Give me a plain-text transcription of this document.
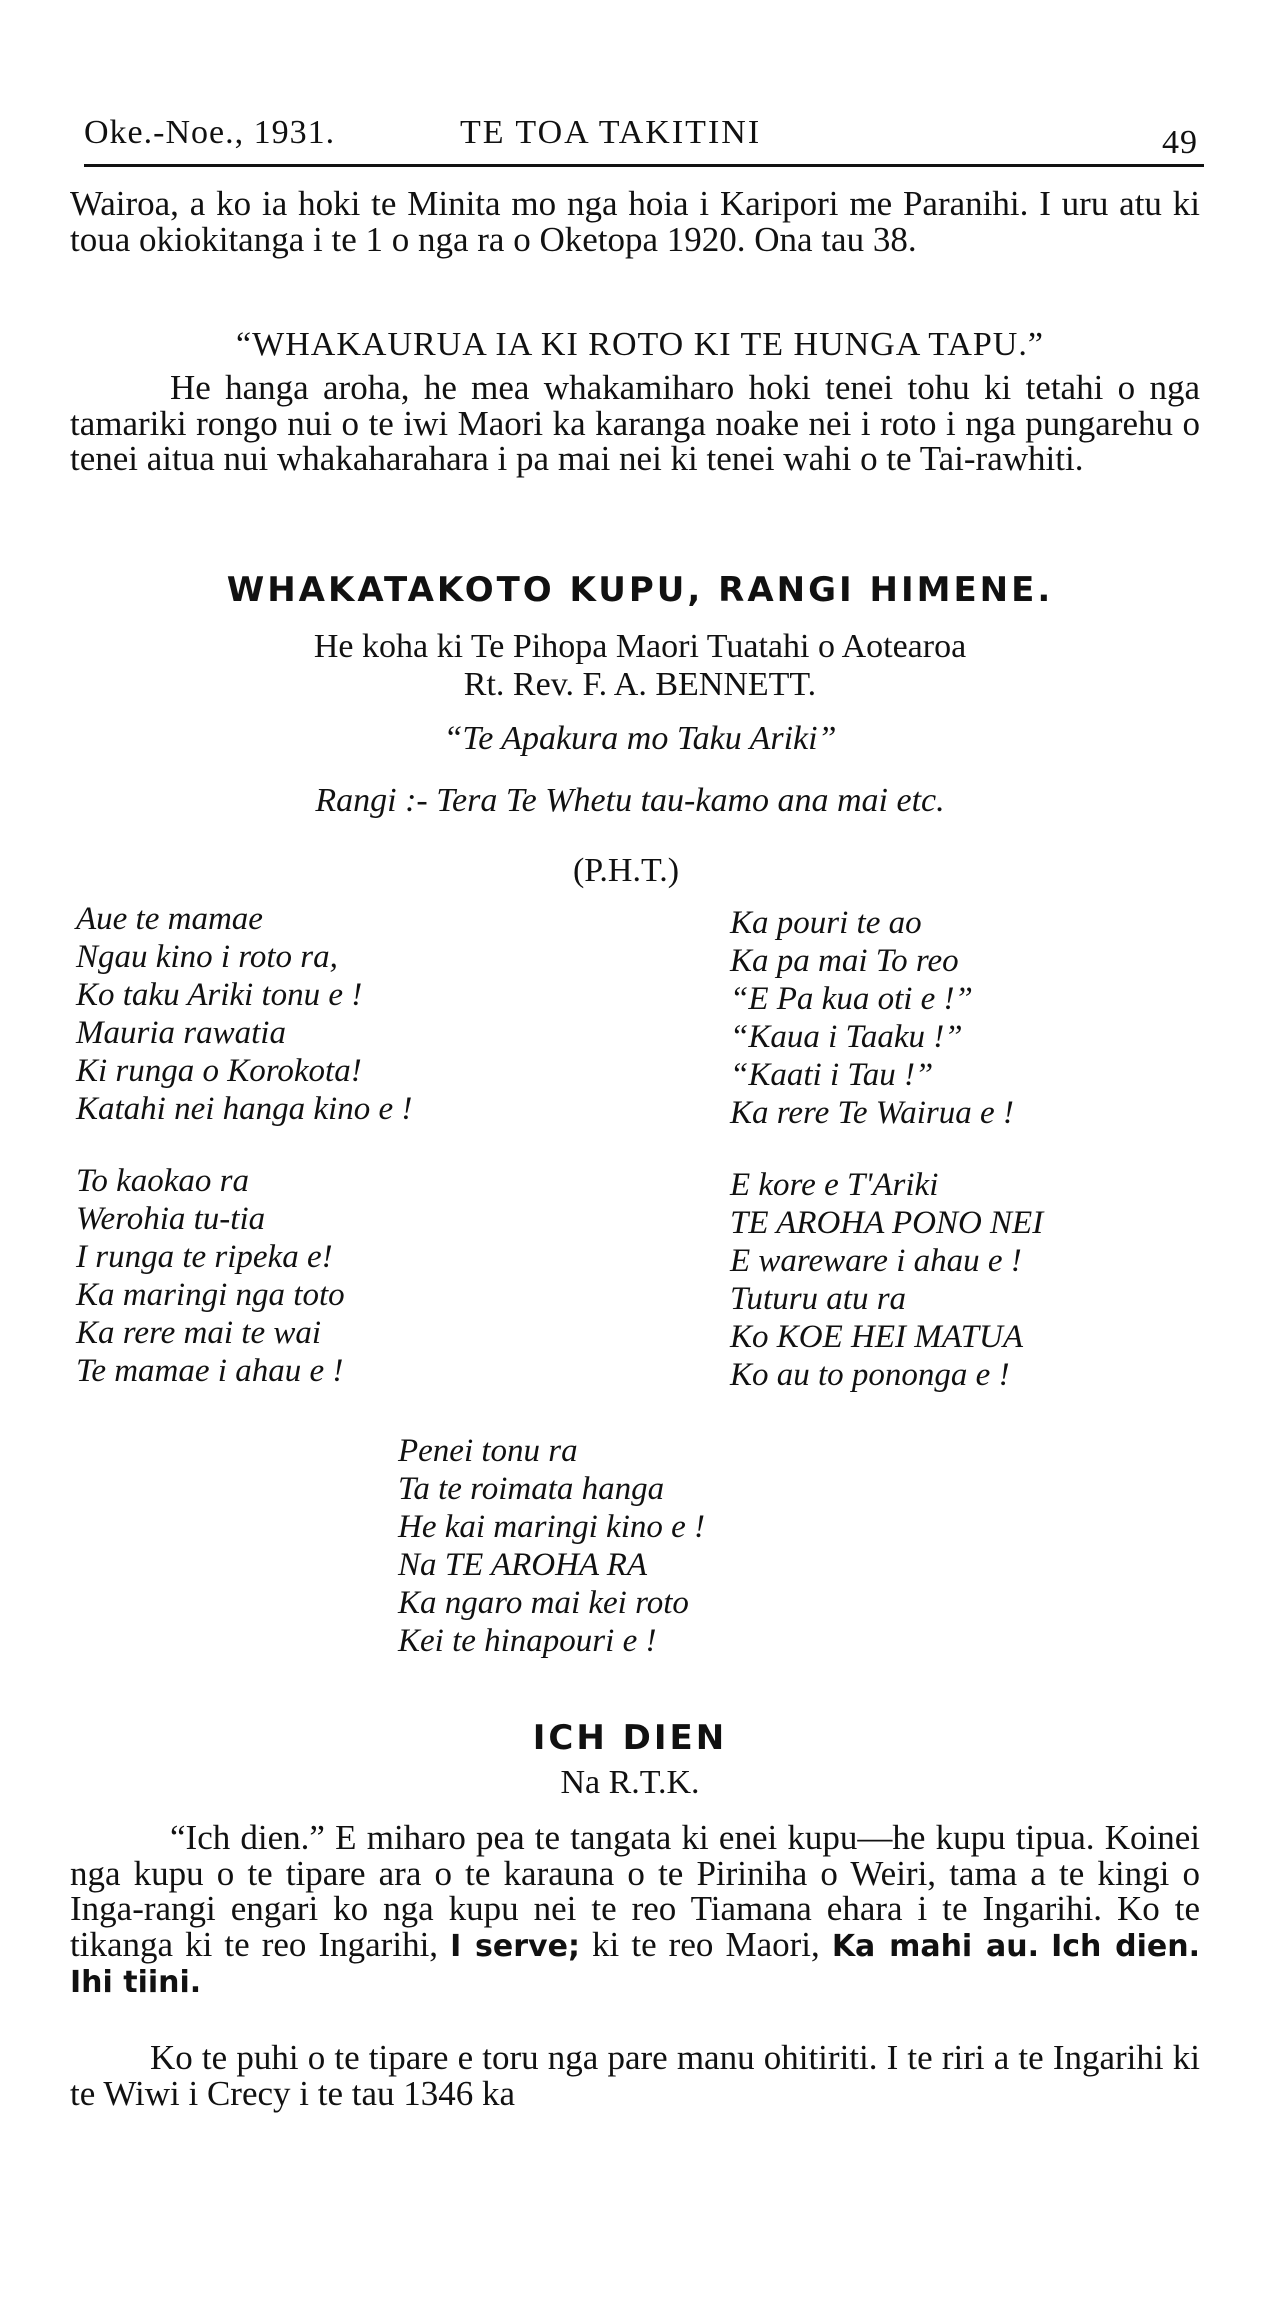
Oke.-Noe., 1931.	TE TOA TAKITINI	49

Wairoa, a ko ia hoki te Minita mo nga hoia i Karipori me Paranihi. I uru atu ki toua okiokitanga i te 1 o nga ra o Oketopa 1920. Ona tau 38.

“WHAKAURUA IA KI ROTO KI TE HUNGA TAPU.”

He hanga aroha, he mea whakamiharo hoki tenei tohu ki tetahi o nga tamariki rongo nui o te iwi Maori ka karanga noake nei i roto i nga pungarehu o tenei aitua nui whakaharahara i pa mai nei ki tenei wahi o te Tai-rawhiti.

WHAKATAKOTO KUPU, RANGI HIMENE.

He koha ki Te Pihopa Maori Tuatahi o Aotearoa

Rt. Rev. F. A. BENNETT.

“Te Apakura mo Taku Ariki”

Rangi :- Tera Te Whetu tau-kamo ana mai etc.

(P.H.T.)

Aue te mamae
Ngau kino i roto ra,
Ko taku Ariki tonu e !
Mauria rawatia
Ki runga o Korokota!
Katahi nei hanga kino e !
Ka pouri te ao
Ka pa mai To reo
“E Pa kua oti e !”
“Kaua i Taaku !”
“Kaati i Tau !”
Ka rere Te Wairua e !
To kaokao ra
Werohia tu-tia
I runga te ripeka e!
Ka maringi nga toto
Ka rere mai te wai
Te mamae i ahau e !
E kore e T'Ariki
TE AROHA PONO NEI
E wareware i ahau e !
Tuturu atu ra
Ko KOE HEI MATUA
Ko au to pononga e !
Penei tonu ra
Ta te roimata hanga
He kai maringi kino e !
Na TE AROHA RA
Ka ngaro mai kei roto
Kei te hinapouri e !

ICH DIEN

Na R.T.K.

“Ich dien.” E miharo pea te tangata ki enei kupu—he kupu tipua. Koinei nga kupu o te tipare ara o te karauna o te Piriniha o Weiri, tama a te kingi o Inga-rangi engari ko nga kupu nei te reo Tiamana ehara i te Ingarihi. Ko te tikanga ki te reo Ingarihi, I serve; ki te reo Maori, Ka mahi au. Ich dien. Ihi tiini.

Ko te puhi o te tipare e toru nga pare manu ohitiriti. I te riri a te Ingarihi ki te Wiwi i Crecy i te tau 1346 ka
